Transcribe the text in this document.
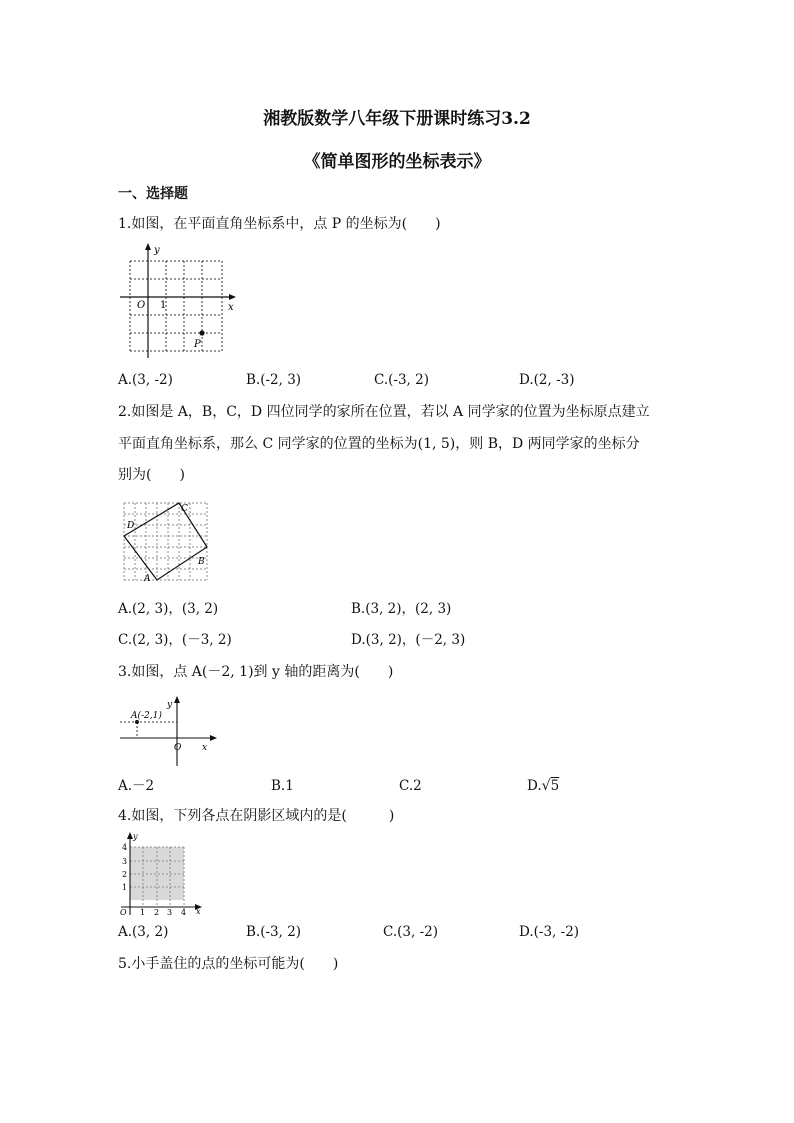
湘教版数学八年级下册课时练习3.2
《简单图形的坐标表示》
一、选择题
1.如图，在平面直角坐标系中，点 P 的坐标为(　　)
y
x
O 1
P
A.(3, -2)	B.(-2, 3)	C.(-3, 2)	D.(2, -3)
2.如图是 A，B，C，D 四位同学的家所在位置，若以 A 同学家的位置为坐标原点建立
平面直角坐标系，那么 C 同学家的位置的坐标为(1, 5)，则 B，D 两同学家的坐标分
别为(　　)
A
B
C
D
A.(2, 3)，(3, 2)	B.(3, 2)，(2, 3)
C.(2, 3)，(－3, 2)	D.(3, 2)，(－2, 3)
3.如图，点 A(－2, 1)到 y 轴的距离为(　　)
A(-2,1)
y
x
O
A.－2	B.1	C.2	D.√5
4.如图，下列各点在阴影区域内的是(　　　)
y
x
O 1 2 3 4
1
2
3
4
A.(3, 2)	B.(-3, 2)	C.(3, -2)	D.(-3, -2)
5.小手盖住的点的坐标可能为(　　)
